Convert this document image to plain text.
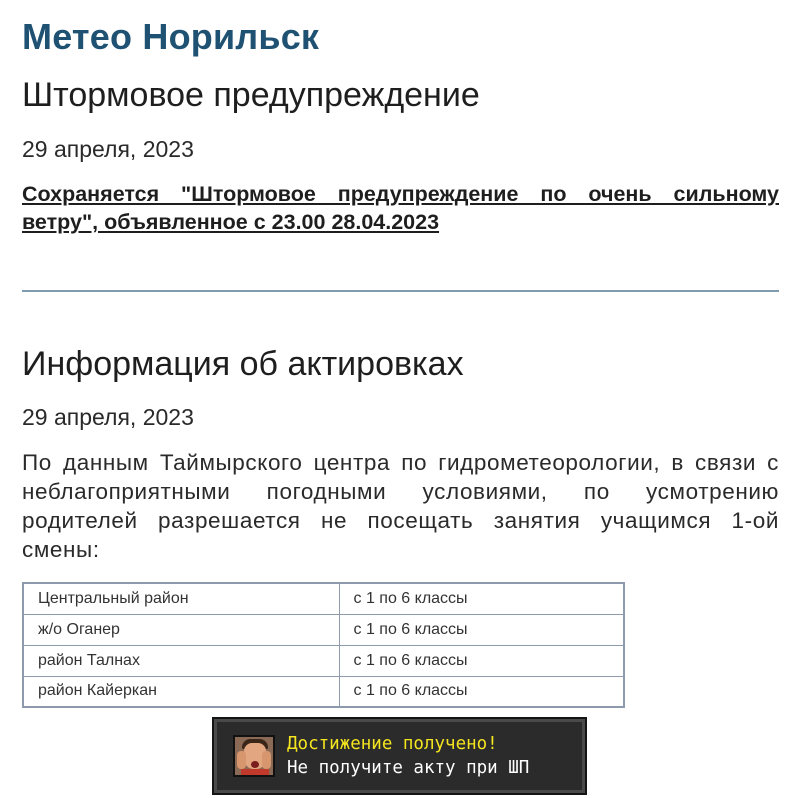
Метео Норильск
Штормовое предупреждение
29 апреля, 2023
Сохраняется "Штормовое предупреждение по очень сильному ветру", объявленное с 23.00 28.04.2023
Информация об актировках
29 апреля, 2023

По данным Таймырского центра по гидрометеорологии, в связи с неблагоприятными погодными условиями, по усмотрению родителей разрешается не посещать занятия учащимся 1-ой смены:

Центральный район	с 1 по 6 классы
ж/о Оганер	с 1 по 6 классы
район Талнах	с 1 по 6 классы
район Кайеркан	с 1 по 6 классы
Достижение получено!
Не получите акту при ШП
